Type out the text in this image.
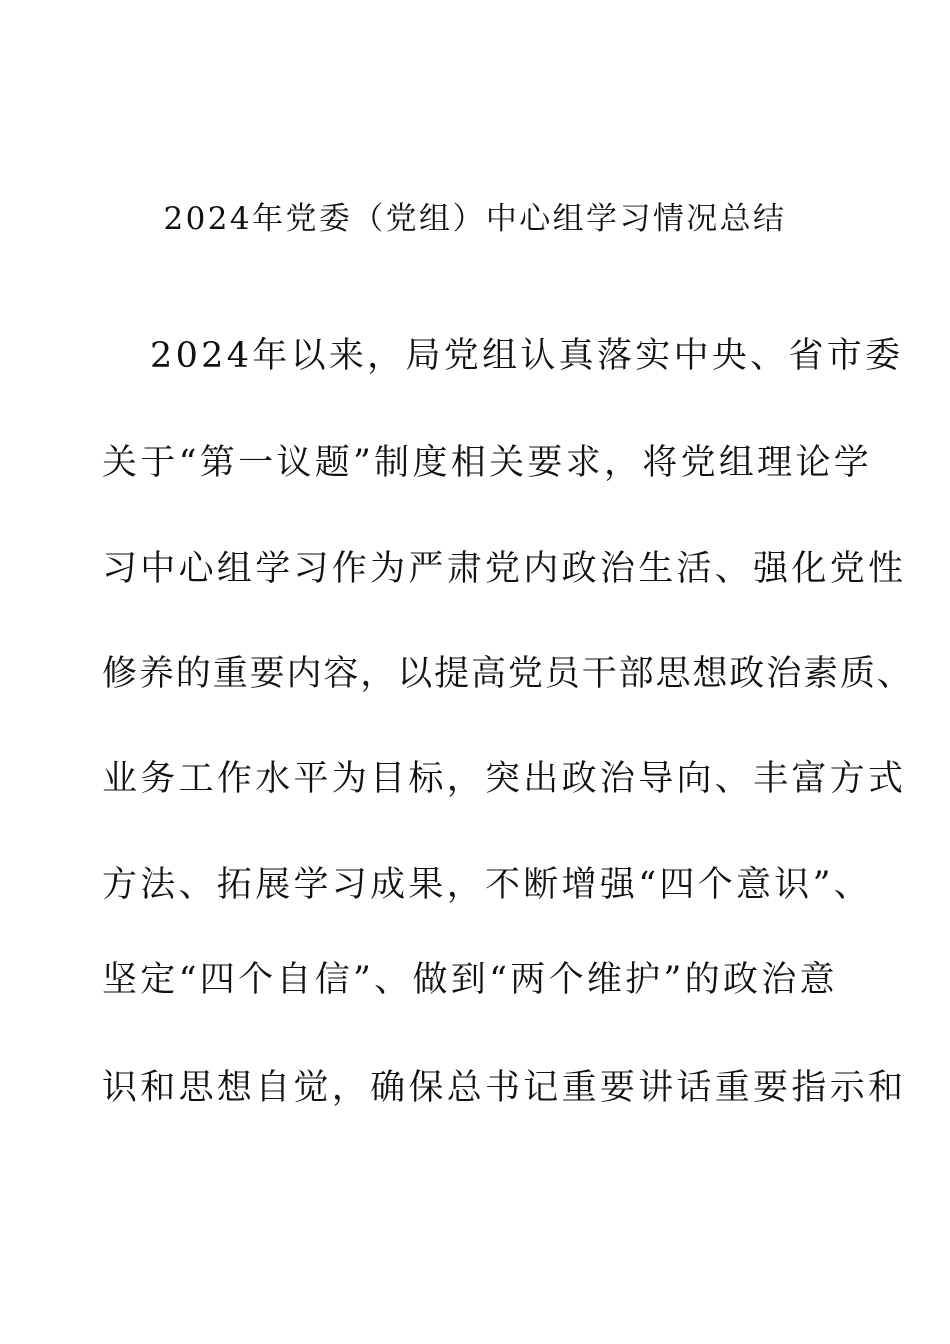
2024年党委（党组）中心组学习情况总结

2024年以来，局党组认真落实中央、省市委

关于“第一议题”制度相关要求，将党组理论学

习中心组学习作为严肃党内政治生活、强化党性

修养的重要内容，以提高党员干部思想政治素质、

业务工作水平为目标，突出政治导向、丰富方式

方法、拓展学习成果，不断增强“四个意识”、

坚定“四个自信”、做到“两个维护”的政治意

识和思想自觉，确保总书记重要讲话重要指示和
